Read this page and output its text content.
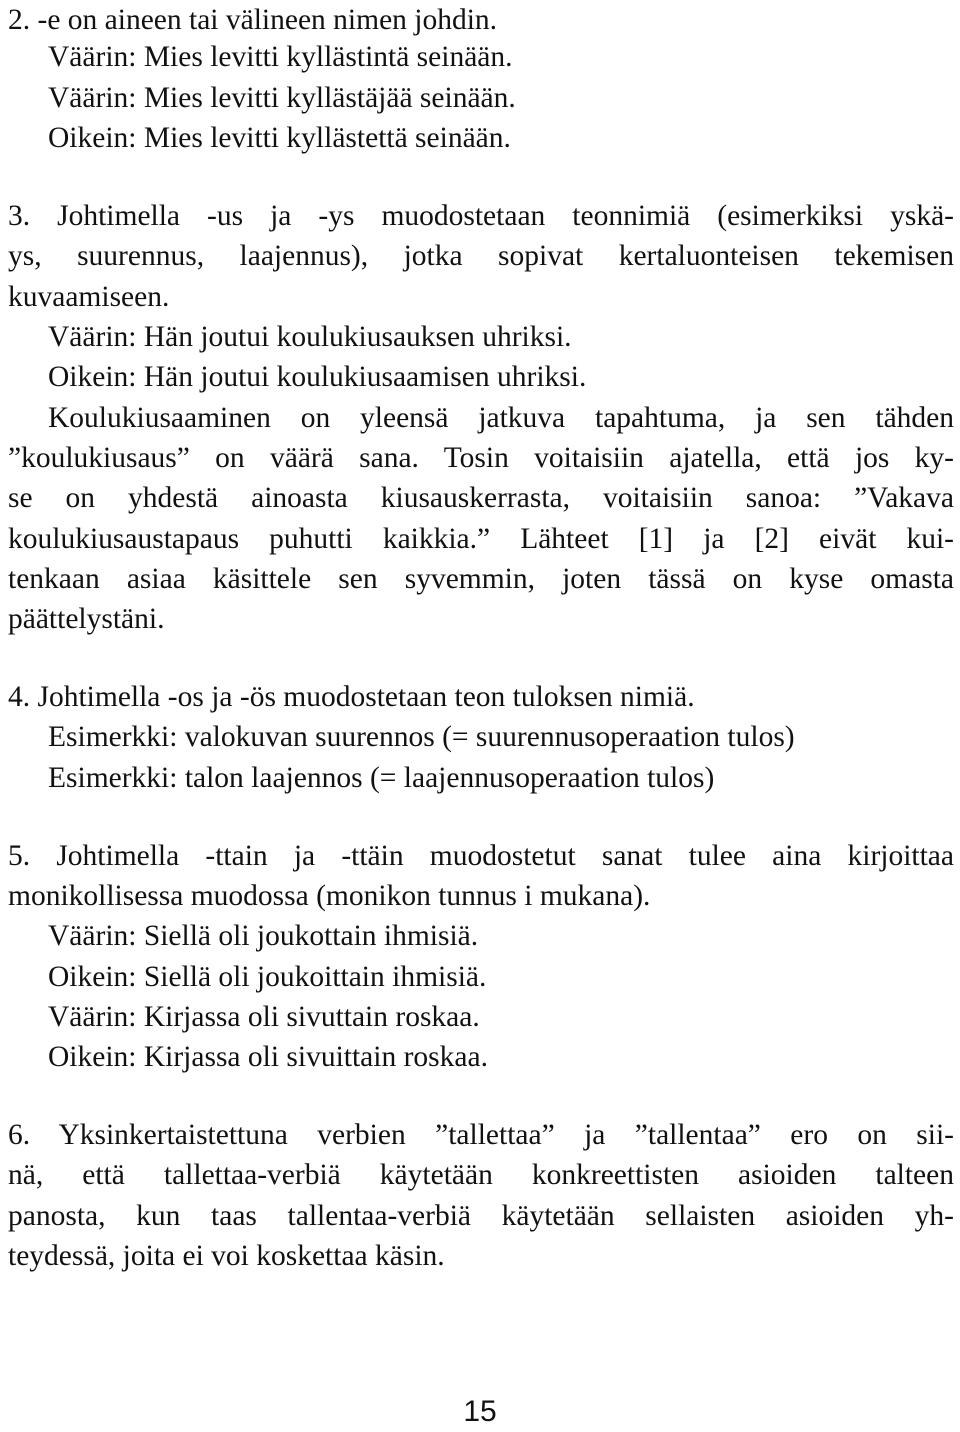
2. -e on aineen tai välineen nimen johdin.
Väärin: Mies levitti kyllästintä seinään.
Väärin: Mies levitti kyllästäjää seinään.
Oikein: Mies levitti kyllästettä seinään.
3. Johtimella -us ja -ys muodostetaan teonnimiä (esimerkiksi yskä-
ys, suurennus, laajennus), jotka sopivat kertaluonteisen tekemisen
kuvaamiseen.
Väärin: Hän joutui koulukiusauksen uhriksi.
Oikein: Hän joutui koulukiusaamisen uhriksi.
Koulukiusaaminen on yleensä jatkuva tapahtuma, ja sen tähden
”koulukiusaus” on väärä sana. Tosin voitaisiin ajatella, että jos ky-
se on yhdestä ainoasta kiusauskerrasta, voitaisiin sanoa: ”Vakava
koulukiusaustapaus puhutti kaikkia.” Lähteet [1] ja [2] eivät kui-
tenkaan asiaa käsittele sen syvemmin, joten tässä on kyse omasta
päättelystäni.
4. Johtimella -os ja -ös muodostetaan teon tuloksen nimiä.
Esimerkki: valokuvan suurennos (= suurennusoperaation tulos)
Esimerkki: talon laajennos (= laajennusoperaation tulos)
5. Johtimella -ttain ja -ttäin muodostetut sanat tulee aina kirjoittaa
monikollisessa muodossa (monikon tunnus i mukana).
Väärin: Siellä oli joukottain ihmisiä.
Oikein: Siellä oli joukoittain ihmisiä.
Väärin: Kirjassa oli sivuttain roskaa.
Oikein: Kirjassa oli sivuittain roskaa.
6. Yksinkertaistettuna verbien ”tallettaa” ja ”tallentaa” ero on sii-
nä, että tallettaa-verbiä käytetään konkreettisten asioiden talteen
panosta, kun taas tallentaa-verbiä käytetään sellaisten asioiden yh-
teydessä, joita ei voi koskettaa käsin.
15
